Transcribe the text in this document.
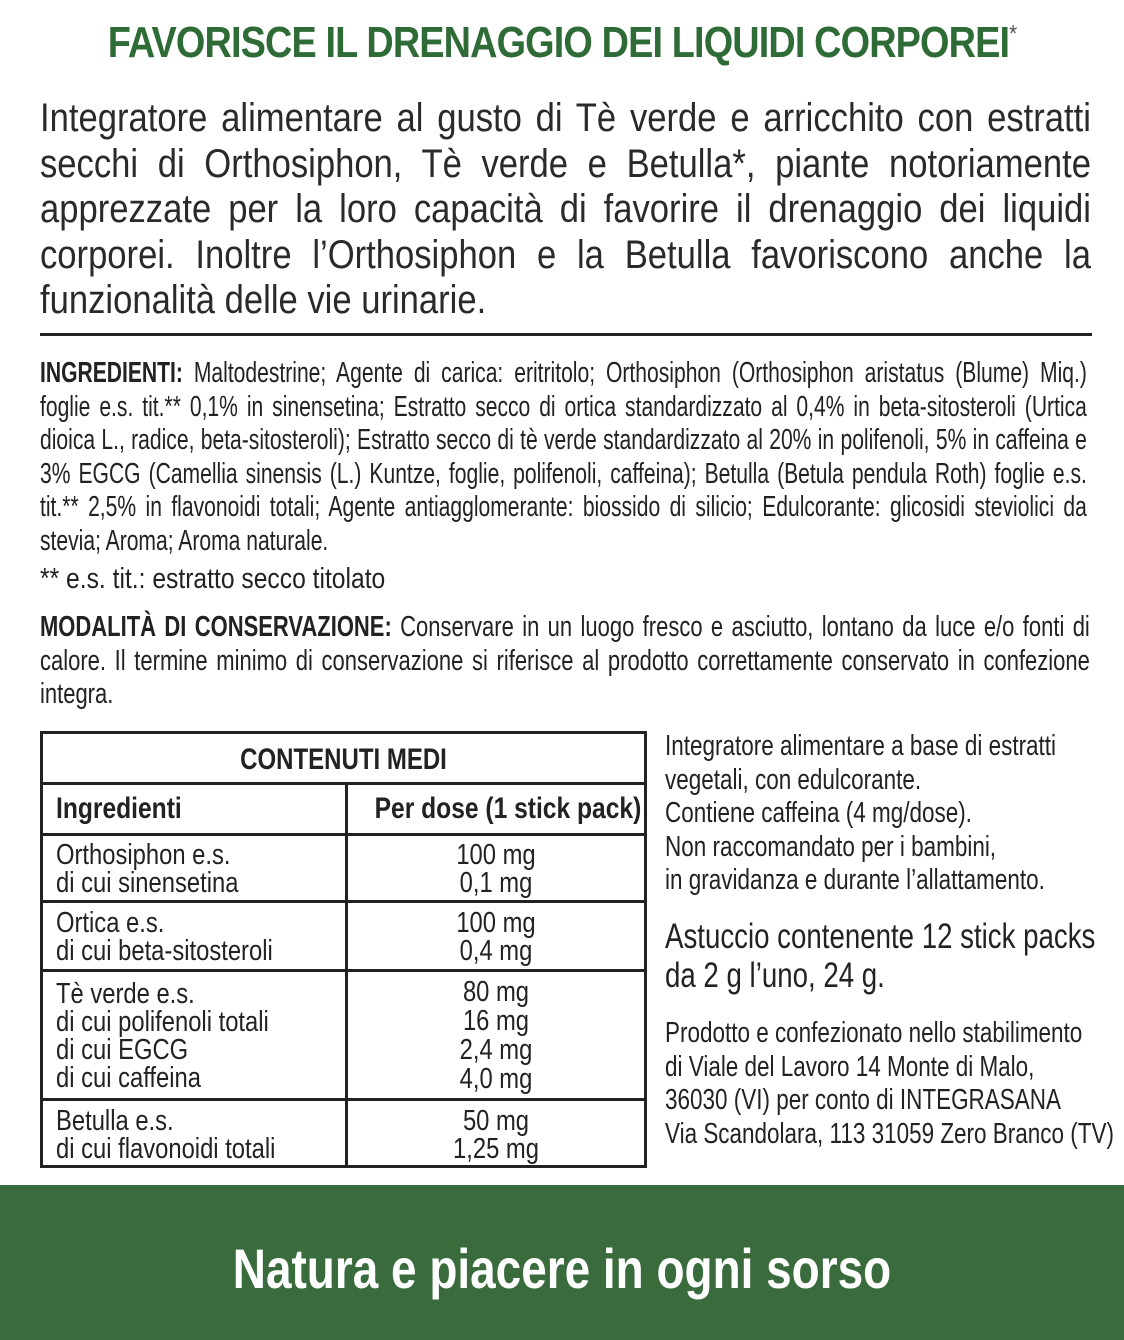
FAVORISCE IL DRENAGGIO DEI LIQUIDI CORPOREI*
Integratore alimentare al gusto di Tè verde e arricchito con estratti secchi di Orthosiphon, Tè verde e Betulla*, piante notoriamente apprezzate per la loro capacità di favorire il drenaggio dei liquidi corporei. Inoltre l’Orthosiphon e la Betulla favoriscono anche la funzionalità delle vie urinarie.
INGREDIENTI: Maltodestrine; Agente di carica: eritritolo; Orthosiphon (Orthosiphon aristatus (Blume) Miq.) foglie e.s. tit.** 0,1% in sinensetina; Estratto secco di ortica standardizzato al 0,4% in beta-sitosteroli (Urtica dioica L., radice, beta-sitosteroli); Estratto secco di tè verde standardizzato al 20% in polifenoli, 5% in caffeina e 3% EGCG (Camellia sinensis (L.) Kuntze, foglie, polifenoli, caffeina); Betulla (Betula pendula Roth) foglie e.s. tit.** 2,5% in flavonoidi totali; Agente antiagglomerante: biossido di silicio; Edulcorante: glicosidi steviolici da stevia; Aroma; Aroma naturale.
** e.s. tit.: estratto secco titolato
MODALITÀ DI CONSERVAZIONE: Conservare in un luogo fresco e asciutto, lontano da luce e/o fonti di calore. Il termine minimo di conservazione si riferisce al prodotto correttamente conservato in confezione integra.
CONTENUTI MEDI
Ingredienti	Per dose (1 stick pack)
Orthosiphon e.s.
di cui sinensetina
100 mg
0,1 mg
Ortica e.s.
di cui beta-sitosteroli
100 mg
0,4 mg
Tè verde e.s.
di cui polifenoli totali
di cui EGCG
di cui caffeina
80 mg
16 mg
2,4 mg
4,0 mg
Betulla e.s.
di cui flavonoidi totali
50 mg
1,25 mg
Integratore alimentare a base di estratti
vegetali, con edulcorante.
Contiene caffeina (4 mg/dose).
Non raccomandato per i bambini,
in gravidanza e durante l’allattamento.
Astuccio contenente 12 stick packs
da 2 g l’uno, 24 g.
Prodotto e confezionato nello stabilimento
di Viale del Lavoro 14 Monte di Malo,
36030 (VI) per conto di INTEGRASANA
Via Scandolara, 113 31059 Zero Branco (TV)
Natura e piacere in ogni sorso
